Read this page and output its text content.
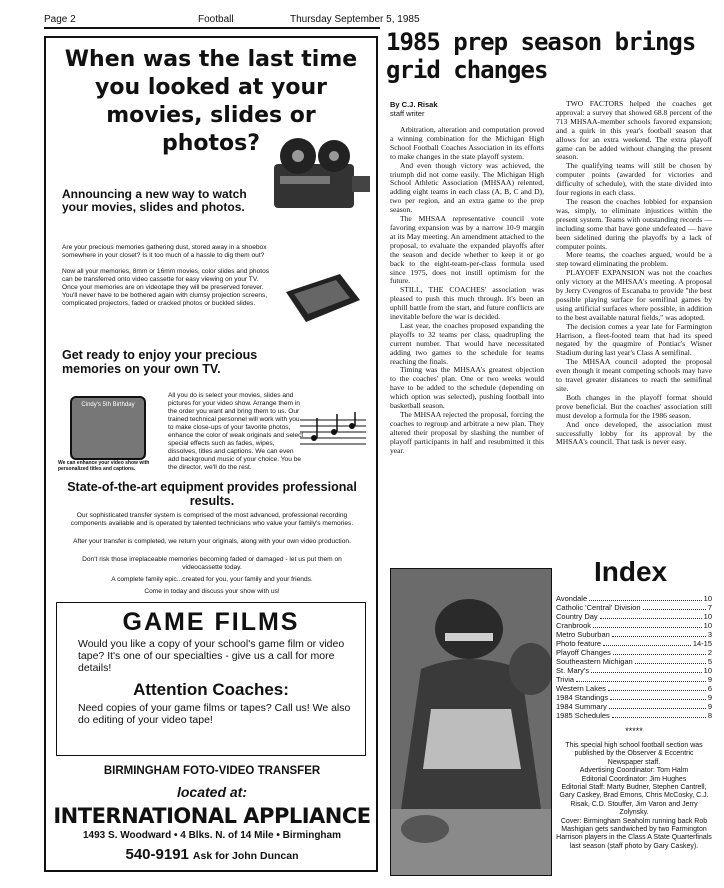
Page 2	Football	Thursday September 5, 1985
When was the last time you looked at your movies, slides or photos?
Announcing a new way to watch your movies, slides and photos.
Are your precious memories gathering dust, stored away in a shoebox somewhere in your closet? Is it too much of a hassle to dig them out?
Now all your memories, 8mm or 16mm movies, color slides and photos can be transferred onto video cassette for easy viewing on your TV. Once your memories are on videotape they will be preserved forever. You'll never have to be bothered again with clumsy projection screens, complicated projectors, faded or cracked photos or buckled slides.
Get ready to enjoy your precious memories on your own TV.
Cindy's 5th Birthday
We can enhance your video show with personalized titles and captions.
All you do is select your movies, slides and pictures for your video show. Arrange them in the order you want and bring them to us. Our trained technical personnel will work with you to make close-ups of your favorite photos, enhance the color of weak originals and select special effects such as fades, wipes, dissolves, titles and captions. We can even add background music of your choice. You be the director, we'll do the rest.
State-of-the-art equipment provides professional results.
Our sophisticated transfer system is comprised of the most advanced, professional recording components available and is operated by talented technicians who value your family's memories.
After your transfer is completed, we return your originals, along with your own video production.
Don't risk those irreplaceable memories becoming faded or damaged - let us put them on videocassette today.
A complete family epic...created for you, your family and your friends.
Come in today and discuss your show with us!
GAME FILMS
Would you like a copy of your school's game film or video tape? It's one of our specialties - give us a call for more details!
Attention Coaches:
Need copies of your game films or tapes? Call us! We also do editing of your video tape!
BIRMINGHAM FOTO-VIDEO TRANSFER
located at:
INTERNATIONAL APPLIANCE
1493 S. Woodward • 4 Blks. N. of 14 Mile • Birmingham
540-9191 Ask for John Duncan
1985 prep season brings grid changes
By C.J. Risak
staff writer

Arbitration, alteration and computation proved a winning combination for the Michigan High School Football Coaches Association in its efforts to make changes in the state playoff system.

And even though victory was achieved, the triumph did not come easily. The Michigan High School Athletic Association (MHSAA) relented, adding eight teams in each class (A, B, C and D), two per region, and an extra game to the prep season.

The MHSAA representative council vote favoring expansion was by a narrow 10-9 margin at its May meeting. An amendment attached to the proposal, to evaluate the expanded playoffs after the season and decide whether to keep it or go back to the eight-team-per-class formula used since 1975, does not instill optimism for the future.

STILL, THE COACHES' association was pleased to push this much through. It's been an uphill battle from the start, and future conflicts are inevitable before the war is decided.

Last year, the coaches proposed expanding the playoffs to 32 teams per class, quadrupling the current number. That would have necessitated adding two games to the schedule for teams reaching the finals.

Timing was the MHSAA's greatest objection to the coaches' plan. One or two weeks would have to be added to the schedule (depending on which option was selected), pushing football into basketball season.

The MHSAA rejected the proposal, forcing the coaches to regroup and arbitrate a new plan. They altered their proposal by slashing the number of playoff participants in half and resubmitted it this year.

TWO FACTORS helped the coaches get approval: a survey that showed 68.8 percent of the 713 MHSAA-member schools favored expansion; and a quirk in this year's football season that allows for an extra weekend. The extra playoff game can be added without changing the present season.

The qualifying teams will still be chosen by computer points (awarded for victories and difficulty of schedule), with the state divided into four regions in each class.

The reason the coaches lobbied for expansion was, simply, to eliminate injustices within the present system. Teams with outstanding records — including some that have gone undefeated — have been sidelined during the playoffs by a lack of computer points.

More teams, the coaches argued, would be a step toward eliminating the problem.

PLAYOFF EXPANSION was not the coaches only victory at the MHSAA's meeting. A proposal by Jerry Cvengros of Escanaba to provide "the best possible playing surface for semifinal games by using artificial surfaces where possible, in addition to the best available natural fields," was adopted.

The decision comes a year late for Farmington Harrison, a fleet-footed team that had its speed negated by the quagmire of Pontiac's Wisner Stadium during last year's Class A semifinal.

The MHSAA council adopted the proposal even though it meant competing schools may have to travel greater distances to reach the semifinal site.

Both changes in the playoff format should prove beneficial. But the coaches' association still must develop a formula for the 1986 season.

And once developed, the association must successfully lobby for its approval by the MHSAA's council. That task is never easy.

Index
Avondale	10
Catholic 'Central' Division	7
Country Day	10
Cranbrook	10
Metro Suburban	3
Photo feature	14-15
Playoff Changes	2
Southeastern Michigan	5
St. Mary's	10
Trivia	9
Western Lakes	6
1984 Standings	9
1984 Summary	9
1985 Schedules	8
*****
This special high school football section was published by the Observer & Eccentric Newspaper staff.
Advertising Coordinator: Tom Halm
Editorial Coordinator: Jim Hughes
Editorial Staff: Marty Budner, Stephen Cantrell, Gary Caskey, Brad Emons, Chris McCosky, C.J. Risak, C.D. Stouffer, Jim Varon and Jerry Zolynsky.
Cover: Birmingham Seaholm running back Rob Mashigian gets sandwiched by two Farmington Harrison players in the Class A State Quarterfinals last season (staff photo by Gary Caskey).
